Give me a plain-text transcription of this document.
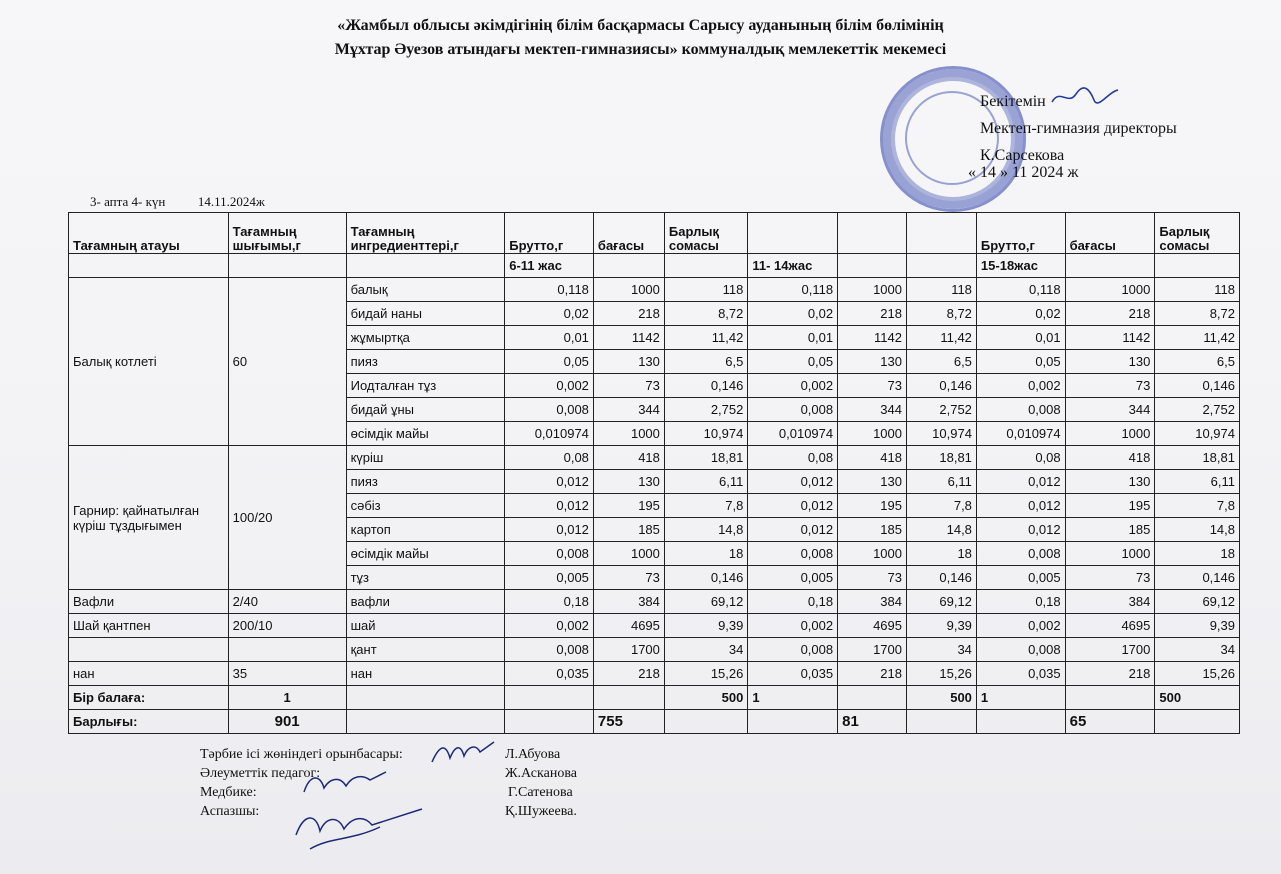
«Жамбыл облысы әкімдігінің білім басқармасы Сарысу ауданының білім бөлімінің
Мұхтар Әуезов атындағы мектеп-гимназиясы» коммуналдық мемлекеттік мекемесі
Бекітемін
Мектеп-гимназия директоры
К.Сарсекова
« 14 » 11 2024 ж
3- апта 4- күн	14.11.2024ж
Тағамның атауы	Тағамның шығымы,г	Тағамның ингредиенттері,г	Брутто,г	бағасы	Барлық сомасы				Брутто,г	бағасы	Барлық сомасы
			6-11 жас			11- 14жас			15-18жас		
Балық котлеті	60	балық	0,118	1000	118	0,118	1000	118	0,118	1000	118
		бидай наны	0,02	218	8,72	0,02	218	8,72	0,02	218	8,72
		жұмыртқа	0,01	1142	11,42	0,01	1142	11,42	0,01	1142	11,42
		пияз	0,05	130	6,5	0,05	130	6,5	0,05	130	6,5
		Иодталған тұз	0,002	73	0,146	0,002	73	0,146	0,002	73	0,146
		бидай ұны	0,008	344	2,752	0,008	344	2,752	0,008	344	2,752
		өсімдік майы	0,010974	1000	10,974	0,010974	1000	10,974	0,010974	1000	10,974
Гарнир: қайнатылған күріш тұздығымен	100/20	күріш	0,08	418	18,81	0,08	418	18,81	0,08	418	18,81
		пияз	0,012	130	6,11	0,012	130	6,11	0,012	130	6,11
		сәбіз	0,012	195	7,8	0,012	195	7,8	0,012	195	7,8
		картоп	0,012	185	14,8	0,012	185	14,8	0,012	185	14,8
		өсімдік майы	0,008	1000	18	0,008	1000	18	0,008	1000	18
		тұз	0,005	73	0,146	0,005	73	0,146	0,005	73	0,146
Вафли	2/40	вафли	0,18	384	69,12	0,18	384	69,12	0,18	384	69,12
Шай қантпен	200/10	шай	0,002	4695	9,39	0,002	4695	9,39	0,002	4695	9,39
		қант	0,008	1700	34	0,008	1700	34	0,008	1700	34
нан	35	нан	0,035	218	15,26	0,035	218	15,26	0,035	218	15,26
Бір балаға:	1				500	1		500	1		500
Барлығы:	901			755			81			65	
Тәрбие ісі жөніндегі орынбасары:	Л.Абуова
Әлеуметтік педагог:	Ж.Асканова
Медбике:	Г.Сатенова
Аспазшы:	Қ.Шужеева.
